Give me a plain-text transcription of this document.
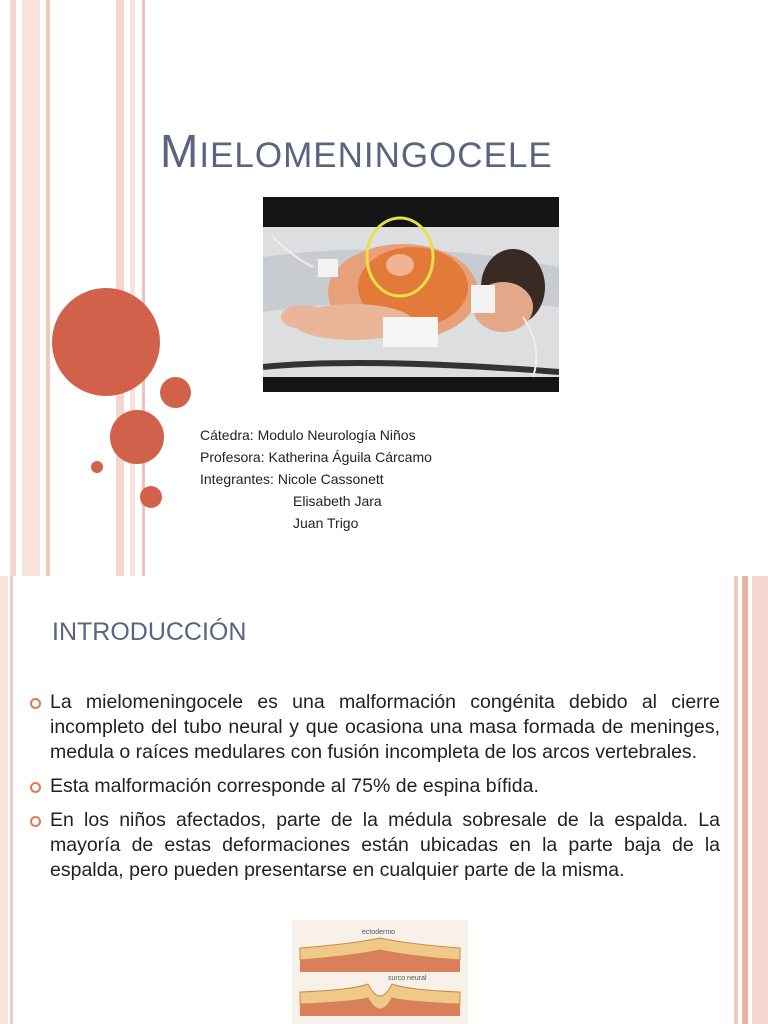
MIELOMENINGOCELE
Cátedra: Modulo Neurología Niños
Profesora: Katherina Águila Cárcamo
Integrantes: Nicole Cassonett
Elisabeth Jara
Juan Trigo
INTRODUCCIÓN
La mielomeningocele es una malformación congénita debido al cierre incompleto del tubo neural y que ocasiona una masa formada de meninges, medula o raíces medulares con fusión incompleta de los arcos vertebrales.
Esta malformación corresponde al 75% de espina bífida.
En los niños afectados, parte de la médula sobresale de la espalda. La mayoría de estas deformaciones están ubicadas en la parte baja de la espalda, pero pueden presentarse en cualquier parte de la misma.
ectodermo
surco neural
